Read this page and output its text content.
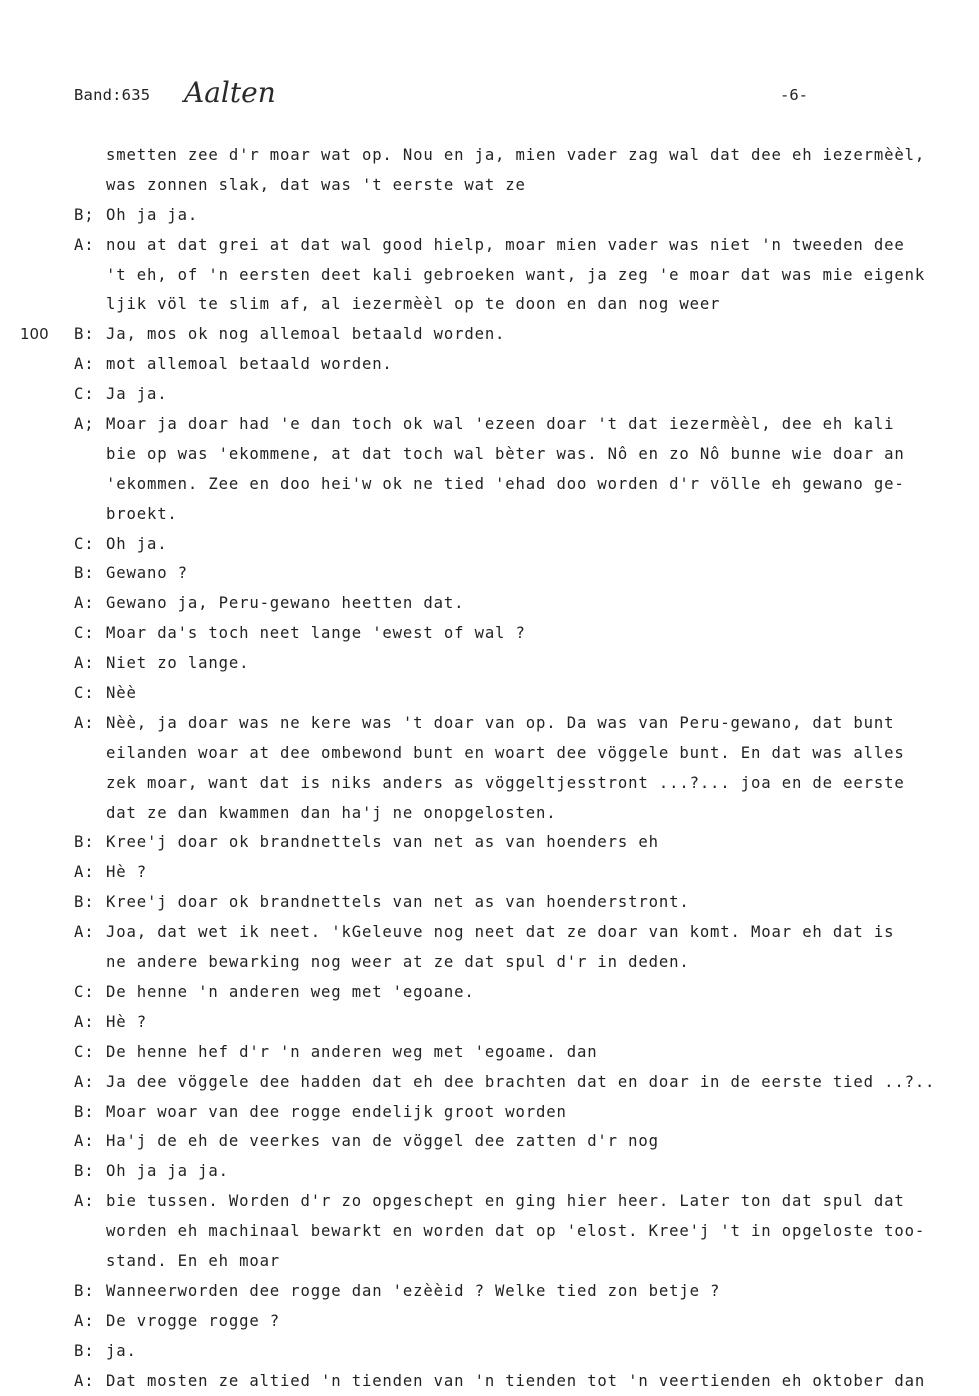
Band:635 Aalten	-6-
smetten zee d'r moar wat op. Nou en ja, mien vader zag wal dat dee eh iezermèèl,
was zonnen slak, dat was 't eerste wat ze
B; Oh ja ja.
A: nou at dat grei at dat wal good hielp, moar mien vader was niet 'n tweeden dee
't eh, of 'n eersten deet kali gebroeken want, ja zeg 'e moar dat was mie eigenk
ljik völ te slim af, al iezermèèl op te doon en dan nog weer
100 B: Ja, mos ok nog allemoal betaald worden.
A: mot allemoal betaald worden.
C: Ja ja.
A; Moar ja doar had 'e dan toch ok wal 'ezeen doar 't dat iezermèèl, dee eh kali
bie op was 'ekommene, at dat toch wal bèter was. Nô en zo Nô bunne wie doar an
'ekommen. Zee en doo hei'w ok ne tied 'ehad doo worden d'r völle eh gewano ge-
broekt.
C: Oh ja.
B: Gewano ?
A: Gewano ja, Peru-gewano heetten dat.
C: Moar da's toch neet lange 'ewest of wal ?
A: Niet zo lange.
C: Nèè
A: Nèè, ja doar was ne kere was 't doar van op. Da was van Peru-gewano, dat bunt
eilanden woar at dee ombewond bunt en woart dee vöggele bunt. En dat was alles
zek moar, want dat is niks anders as vöggeltjesstront ...?... joa en de eerste
dat ze dan kwammen dan ha'j ne onopgelosten.
B: Kree'j doar ok brandnettels van net as van hoenders eh
A: Hè ?
B: Kree'j doar ok brandnettels van net as van hoenderstront.
A: Joa, dat wet ik neet. 'kGeleuve nog neet dat ze doar van komt. Moar eh dat is
ne andere bewarking nog weer at ze dat spul d'r in deden.
C: De henne 'n anderen weg met 'egoane.
A: Hè ?
C: De henne hef d'r 'n anderen weg met 'egoame. dan
A: Ja dee vöggele dee hadden dat eh dee brachten dat en doar in de eerste tied ..?..
B: Moar woar van dee rogge endelijk groot worden
A: Ha'j de eh de veerkes van de vöggel dee zatten d'r nog
B: Oh ja ja ja.
A: bie tussen. Worden d'r zo opgeschept en ging hier heer. Later ton dat spul dat
worden eh machinaal bewarkt en worden dat op 'elost. Kree'j 't in opgeloste too-
stand. En eh moar
B: Wanneerworden dee rogge dan 'ezèèid ? Welke tied zon betje ?
A: De vrogge rogge ?
B: ja.
A: Dat mosten ze altied 'n tienden van 'n tienden tot 'n veertienden eh oktober dan
